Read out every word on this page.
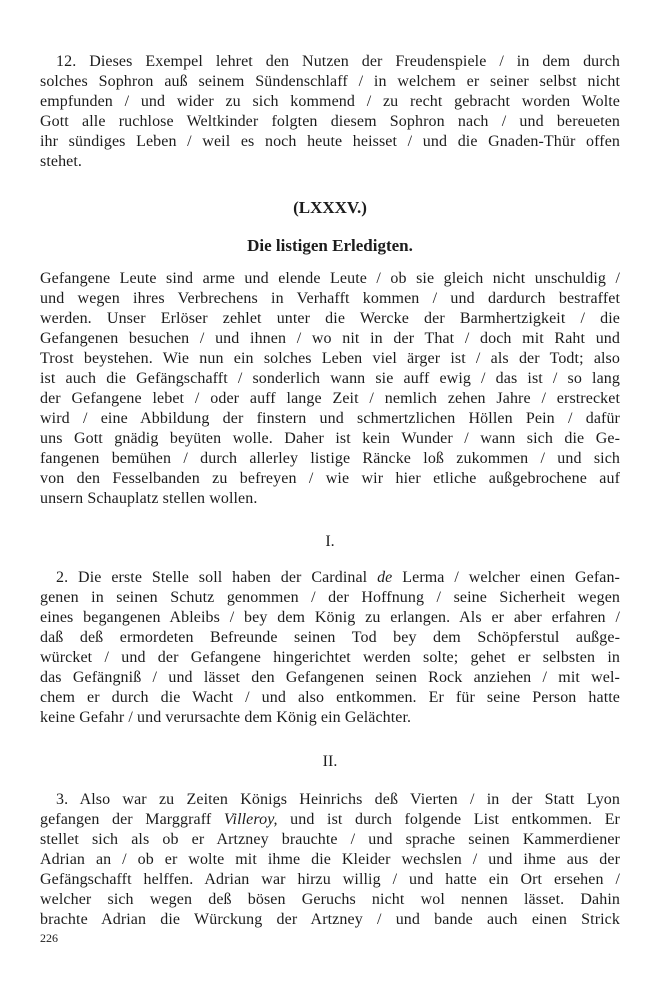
12. Dieses Exempel lehret den Nutzen der Freudenspiele / in dem durch
solches Sophron auß seinem Sündenschlaff / in welchem er seiner selbst nicht
empfunden / und wider zu sich kommend / zu recht gebracht worden Wolte
Gott alle ruchlose Weltkinder folgten diesem Sophron nach / und bereueten
ihr sündiges Leben / weil es noch heute heisset / und die Gnaden-Thür offen
stehet.
(LXXXV.)
Die listigen Erledigten.
Gefangene Leute sind arme und elende Leute / ob sie gleich nicht unschuldig /
und wegen ihres Verbrechens in Verhafft kommen / und dardurch bestraffet
werden. Unser Erlöser zehlet unter die Wercke der Barmhertzigkeit / die
Gefangenen besuchen / und ihnen / wo nit in der That / doch mit Raht und
Trost beystehen. Wie nun ein solches Leben viel ärger ist / als der Todt; also
ist auch die Gefängschafft / sonderlich wann sie auff ewig / das ist / so lang
der Gefangene lebet / oder auff lange Zeit / nemlich zehen Jahre / erstrecket
wird / eine Abbildung der finstern und schmertzlichen Höllen Pein / dafür
uns Gott gnädig beyüten wolle. Daher ist kein Wunder / wann sich die Ge-
fangenen bemühen / durch allerley listige Räncke loß zukommen / und sich
von den Fesselbanden zu befreyen / wie wir hier etliche außgebrochene auf
unsern Schauplatz stellen wollen.
I.
2. Die erste Stelle soll haben der Cardinal de Lerma / welcher einen Gefan-
genen in seinen Schutz genommen / der Hoffnung / seine Sicherheit wegen
eines begangenen Ableibs / bey dem König zu erlangen. Als er aber erfahren /
daß deß ermordeten Befreunde seinen Tod bey dem Schöpferstul außge-
würcket / und der Gefangene hingerichtet werden solte; gehet er selbsten in
das Gefängniß / und lässet den Gefangenen seinen Rock anziehen / mit wel-
chem er durch die Wacht / und also entkommen. Er für seine Person hatte
keine Gefahr / und verursachte dem König ein Gelächter.
II.
3. Also war zu Zeiten Königs Heinrichs deß Vierten / in der Statt Lyon
gefangen der Marggraff Villeroy, und ist durch folgende List entkommen. Er
stellet sich als ob er Artzney brauchte / und sprache seinen Kammerdiener
Adrian an / ob er wolte mit ihme die Kleider wechslen / und ihme aus der
Gefängschafft helffen. Adrian war hirzu willig / und hatte ein Ort ersehen /
welcher sich wegen deß bösen Geruchs nicht wol nennen lässet. Dahin
brachte Adrian die Würckung der Artzney / und bande auch einen Strick
226
